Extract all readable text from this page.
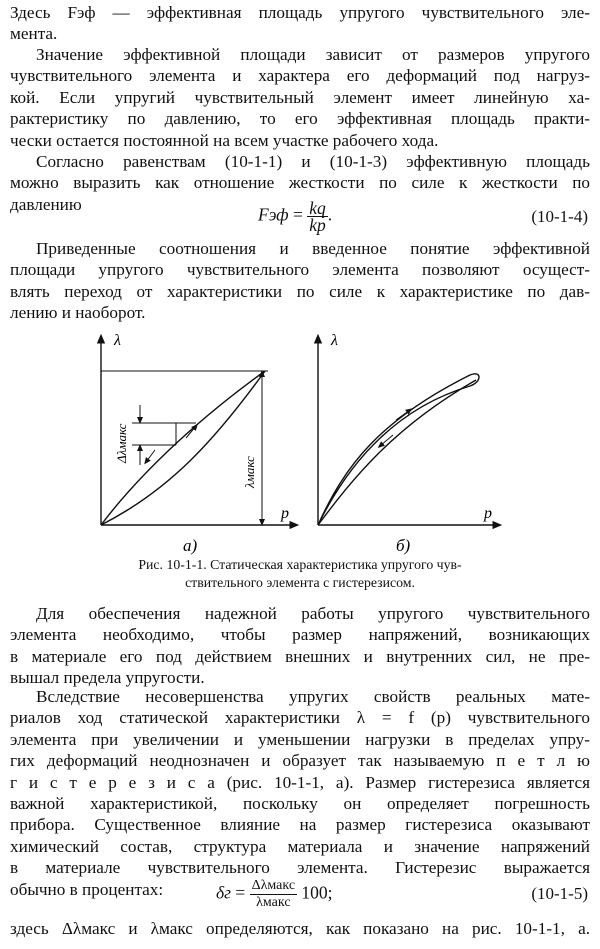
Здесь Fэф — эффективная площадь упругого чувствительного эле-
мента.
Значение эффективной площади зависит от размеров упругого
чувствительного элемента и характера его деформаций под нагруз-
кой. Если упругий чувствительный элемент имеет линейную ха-
рактеристику по давлению, то его эффективная площадь практи-
чески остается постоянной на всем участке рабочего хода.
Согласно равенствам (10-1-1) и (10-1-3) эффективную площадь
можно выразить как отношение жесткости по силе к жесткости по
давлению
Fэф = $\frac{kq}{kp}$ .	(10-1-4)
Приведенные соотношения и введенное понятие эффективной
площади упругого чувствительного элемента позволяют осущест-
влять переход от характеристики по силе к характеристике по дав-
лению и наоборот.
λ
p
Δλмакс
λмакс
а)
λ
p
б)
Рис. 10-1-1. Статическая характеристика упругого чув-
ствительного элемента с гистерезисом.
Для обеспечения надежной работы упругого чувствительного
элемента необходимо, чтобы размер напряжений, возникающих
в материале его под действием внешних и внутренних сил, не пре-
вышал предела упругости.
Вследствие несовершенства упругих свойств реальных мате-
риалов ход статической характеристики λ = f (p) чувствительного
элемента при увеличении и уменьшении нагрузки в пределах упру-
гих деформаций неоднозначен и образует так называемую п е т л ю
г и с т е р е з и с а (рис. 10-1-1, а). Размер гистерезиса является
важной характеристикой, поскольку он определяет погрешность
прибора. Существенное влияние на размер гистерезиса оказывают
химический состав, структура материала и значение напряжений
в материале чувствительного элемента. Гистерезис выражается
обычно в процентах:	$\delta г = \frac{\text{Δλмакс}}{\text{λмакс}} 100$;	(10-1-5)
здесь Δλмакс и λмакс определяются, как показано на рис. 10-1-1, а.
